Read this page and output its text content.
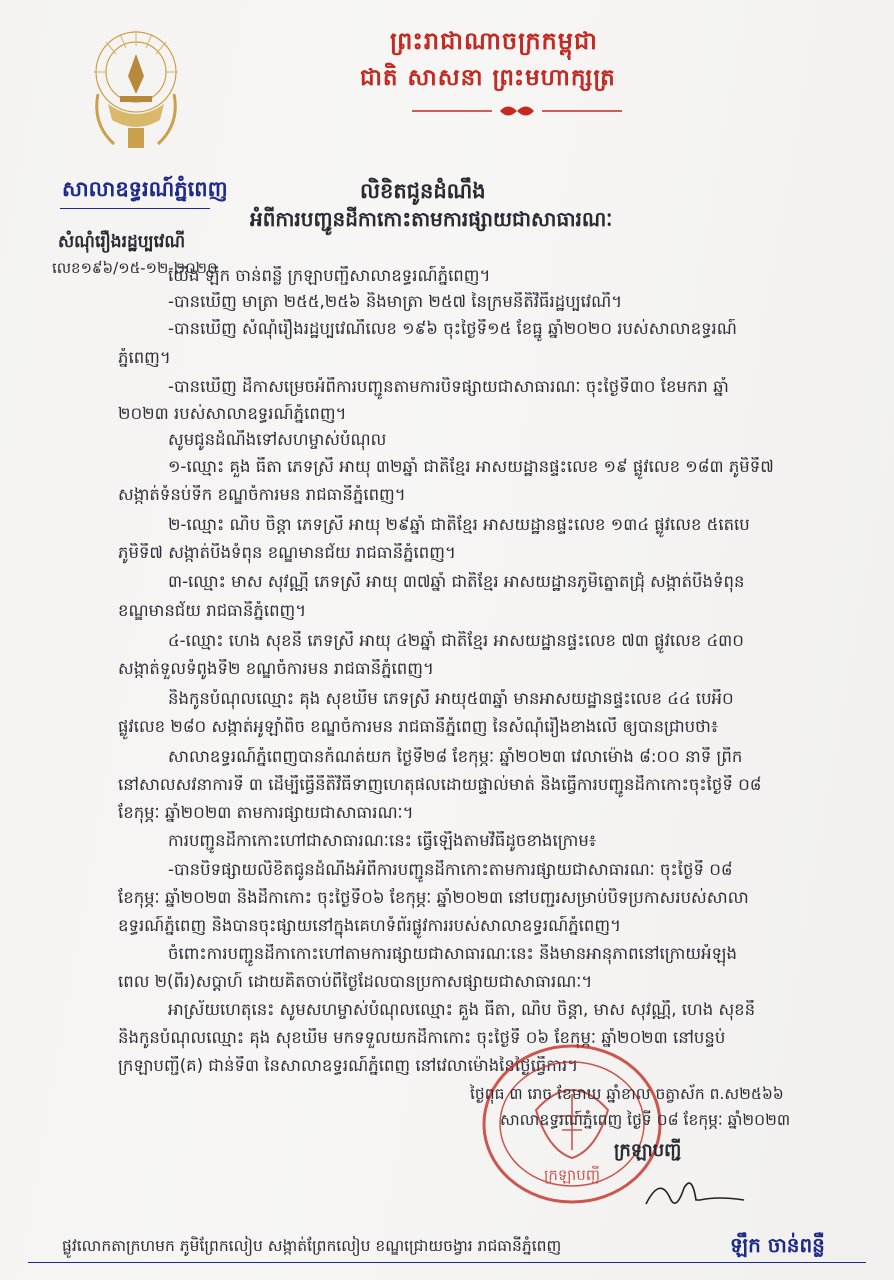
ព្រះរាជាណាចក្រកម្ពុជា
ជាតិ សាសនា ព្រះមហាក្សត្រ
សាលាឧទ្ធរណ៍ភ្នំពេញ
សំណុំរឿងរដ្ឋប្បវេណី
លេខ១៩៦/១៥-១២-២០២០
លិខិតជូនដំណឹង
អំពីការបញ្ជូនដីកាកោះតាមការផ្សាយជាសាធារណៈ
យើង ឡឹក ចាន់ពន្លឺ ក្រឡាបញ្ជីសាលាឧទ្ធរណ៍ភ្នំពេញ។
-បានឃើញ មាត្រា ២៥៥,២៥៦ និងមាត្រា ២៥៧ នៃក្រមនីតិវិធីរដ្ឋប្បវេណី។
-បានឃើញ សំណុំរឿងរដ្ឋប្បវេណីលេខ ១៩៦ ចុះថ្ងៃទី១៥ ខែធ្នូ ឆ្នាំ២០២០ របស់សាលាឧទ្ធរណ៍
ភ្នំពេញ។
-បានឃើញ ដីកាសម្រេចអំពីការបញ្ជូនតាមការបិទផ្សាយជាសាធារណៈ ចុះថ្ងៃទី៣០ ខែមករា ឆ្នាំ
២០២៣ របស់សាលាឧទ្ធរណ៍ភ្នំពេញ។
សូមជូនដំណឹងទៅសហម្ចាស់បំណុល
១-ឈ្មោះ គួង ធីតា ភេទស្រី អាយុ ៣២ឆ្នាំ ជាតិខ្មែរ អាសយដ្ឋានផ្ទះលេខ ១៩ ផ្លូវលេខ ១៨៣ ភូមិទី៧
សង្កាត់ទំនប់ទឹក ខណ្ឌចំការមន រាជធានីភ្នំពេញ។
២-ឈ្មោះ ណិប ចិន្តា ភេទស្រី អាយុ ២៩ឆ្នាំ ជាតិខ្មែរ អាសយដ្ឋានផ្ទះលេខ ១៣៤ ផ្លូវលេខ ៥តេបេ
ភូមិទី៧ សង្កាត់បឹងទំពុន ខណ្ឌមានជ័យ រាជធានីភ្នំពេញ។
៣-ឈ្មោះ មាស សុវណ្ណី ភេទស្រី អាយុ ៣៧ឆ្នាំ ជាតិខ្មែរ អាសយដ្ឋានភូមិត្នោតជ្រុំ សង្កាត់បឹងទំពុន
ខណ្ឌមានជ័យ រាជធានីភ្នំពេញ។
៤-ឈ្មោះ ហេង សុខនី ភេទស្រី អាយុ ៤២ឆ្នាំ ជាតិខ្មែរ អាសយដ្ឋានផ្ទះលេខ ៧៣ ផ្លូវលេខ ៤៣០
សង្កាត់ទួលទំពូងទី២ ខណ្ឌចំការមន រាជធានីភ្នំពេញ។
និងកូនបំណុលឈ្មោះ គុង សុខឃីម ភេទស្រី អាយុ៥៣ឆ្នាំ មានអាសយដ្ឋានផ្ទះលេខ ៤៤ បេអឺ០
ផ្លូវលេខ ២៨០ សង្កាត់អូឡាំពិច ខណ្ឌចំការមន រាជធានីភ្នំពេញ នៃសំណុំរឿងខាងលើ ឲ្យបានជ្រាបថា៖
សាលាឧទ្ធរណ៍ភ្នំពេញបានកំណត់យក ថ្ងៃទី២៨ ខែកុម្ភៈ ឆ្នាំ២០២៣ វេលាម៉ោង ៨:០០ នាទី ព្រឹក
នៅសាលសវនាការទី ៣ ដើម្បីធ្វើនីតិវិធីទាញហេតុផលដោយផ្ទាល់មាត់ និងធ្វើការបញ្ជូនដីកាកោះចុះថ្ងៃទី ០៨
ខែកុម្ភៈ ឆ្នាំ២០២៣ តាមការផ្សាយជាសាធារណៈ។
ការបញ្ជូនដីកាកោះហៅជាសាធារណៈនេះ ធ្វើឡើងតាមវិធីដូចខាងក្រោម៖
-បានបិទផ្សាយលិខិតជូនដំណឹងអំពីការបញ្ជូនដីកាកោះតាមការផ្សាយជាសាធារណៈ ចុះថ្ងៃទី ០៨
ខែកុម្ភៈ ឆ្នាំ២០២៣ និងដីកាកោះ ចុះថ្ងៃទី០៦ ខែកុម្ភៈ ឆ្នាំ២០២៣ នៅបញ្ជរសម្រាប់បិទប្រកាសរបស់សាលា
ឧទ្ធរណ៍ភ្នំពេញ និងបានចុះផ្សាយនៅក្នុងគេហទំព័រផ្លូវការរបស់សាលាឧទ្ធរណ៍ភ្នំពេញ។
ចំពោះការបញ្ជូនដីកាកោះហៅតាមការផ្សាយជាសាធារណៈនេះ នឹងមានអានុភាពនៅក្រោយអំឡុង
ពេល ២(ពីរ)សប្តាហ៍ ដោយគិតចាប់ពីថ្ងៃដែលបានប្រកាសផ្សាយជាសាធារណៈ។
អាស្រ័យហេតុនេះ សូមសហម្ចាស់បំណុលឈ្មោះ គួង ធីតា, ណិប ចិន្តា, មាស សុវណ្ណី, ហេង សុខនី
និងកូនបំណុលឈ្មោះ គុង សុខឃីម មកទទួលយកដីកាកោះ ចុះថ្ងៃទី ០៦ ខែកុម្ភៈ ឆ្នាំ២០២៣ នៅបន្ទប់
ក្រឡាបញ្ជី(គ) ជាន់ទី៣ នៃសាលាឧទ្ធរណ៍ភ្នំពេញ នៅវេលាម៉ោងនៃថ្ងៃធ្វើការ។
ក្រឡាបញ្ជី
ថ្ងៃពុធ ៣ រោច ខែមាឃ ឆ្នាំខាល ចត្វាស័ក ព.ស២៥៦៦
សាលាឧទ្ធរណ៍ភ្នំពេញ ថ្ងៃទី ០៨ ខែកុម្ភៈ ឆ្នាំ២០២៣
ក្រឡាបញ្ជី
ឡឹក ចាន់ពន្លឺ
ផ្លូវលោកតាក្រហមក ភូមិព្រែកលៀប សង្កាត់ព្រែកលៀប ខណ្ឌជ្រោយចង្វារ រាជធានីភ្នំពេញ
